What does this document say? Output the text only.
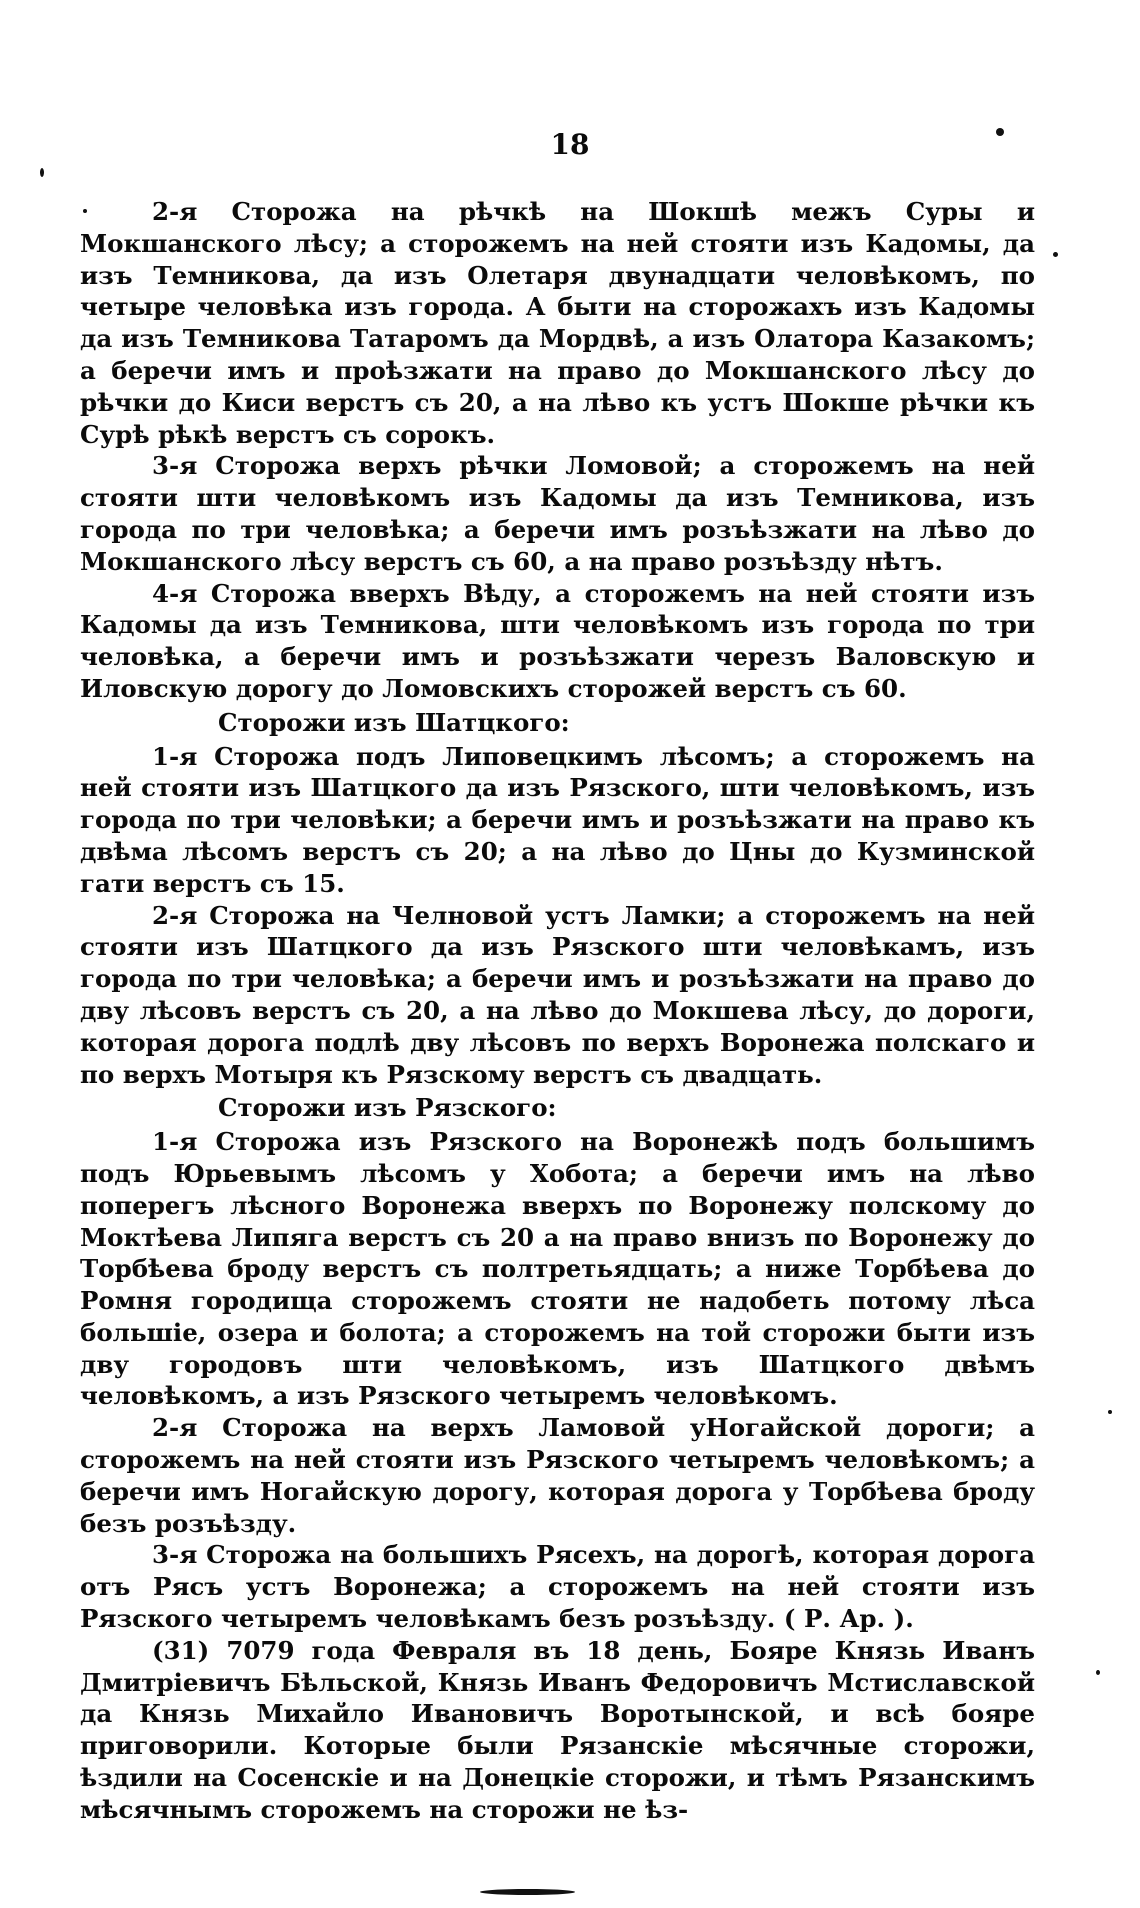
18

2-я Сторожа на рѣчкѣ на Шокшѣ межъ Суры и Мокшанского лѣсу; а сторожемъ на ней стояти изъ Кадомы, да изъ Темникова, да изъ Олетаря двунадцати человѣкомъ, по четыре человѣка изъ города. А быти на сторожахъ изъ Кадомы да изъ Темникова Татаромъ да Мордвѣ, а изъ Олатора Казакомъ; а беречи имъ и проѣзжати на право до Мокшанского лѣсу до рѣчки до Киси верстъ съ 20, а на лѣво къ устъ Шокше рѣчки къ Сурѣ рѣкѣ верстъ съ сорокъ.

3-я Сторожа верхъ рѣчки Ломовой; а сторожемъ на ней стояти шти человѣкомъ изъ Кадомы да изъ Темникова, изъ города по три человѣка; а беречи имъ розъѣзжати на лѣво до Мокшанского лѣсу верстъ съ 60, а на право розъѣзду нѣтъ.

4-я Сторожа вверхъ Вѣду, а сторожемъ на ней стояти изъ Кадомы да изъ Темникова, шти человѣкомъ изъ города по три человѣка, а беречи имъ и розъѣзжати черезъ Валовскую и Иловскую дорогу до Ломовскихъ сторожей верстъ съ 60.

Сторожи изъ Шатцкого:

1-я Сторожа подъ Липовецкимъ лѣсомъ; а сторожемъ на ней стояти изъ Шатцкого да изъ Рязского, шти человѣкомъ, изъ города по три человѣки; а беречи имъ и розъѣзжати на право къ двѣма лѣсомъ верстъ съ 20; а на лѣво до Цны до Кузминской гати верстъ съ 15.

2-я Сторожа на Челновой устъ Ламки; а сторожемъ на ней стояти изъ Шатцкого да изъ Рязского шти человѣкамъ, изъ города по три человѣка; а беречи имъ и розъѣзжати на право до дву лѣсовъ верстъ съ 20, а на лѣво до Мокшева лѣсу, до дороги, которая дорога подлѣ дву лѣсовъ по верхъ Воронежа полскаго и по верхъ Мотыря къ Рязскому верстъ съ двадцать.

Сторожи изъ Рязского:

1-я Сторожа изъ Рязского на Воронежѣ подъ большимъ подъ Юрьевымъ лѣсомъ у Хобота; а беречи имъ на лѣво поперегъ лѣсного Воронежа вверхъ по Воронежу полскому до Моктѣева Липяга верстъ съ 20 а на право внизъ по Воронежу до Торбѣева броду верстъ съ полтретьядцать; а ниже Торбѣева до Ромня городища сторожемъ стояти не надобеть потому лѣса большіе, озера и болота; а сторожемъ на той сторожи быти изъ дву городовъ шти человѣкомъ, изъ Шатцкого двѣмъ человѣкомъ, а изъ Рязского четыремъ человѣкомъ.

2-я Сторожа на верхъ Ламовой уНогайской дороги; а сторожемъ на ней стояти изъ Рязского четыремъ человѣкомъ; а беречи имъ Ногайскую дорогу, которая дорога у Торбѣева броду безъ розъѣзду.

3-я Сторожа на большихъ Рясехъ, на дорогѣ, которая дорога отъ Рясъ устъ Воронежа; а сторожемъ на ней стояти изъ Рязского четыремъ человѣкамъ безъ розъѣзду. ( Р. Ар. ).

(31) 7079 года Февраля въ 18 день, Бояре Князь Иванъ Дмитріевичъ Бѣльской, Князь Иванъ Федоровичъ Мстиславской да Князь Михайло Ивановичъ Воротынской, и всѣ бояре приговорили. Которые были Рязанскіе мѣсячные сторожи, ѣздили на Сосенскіе и на Донецкіе сторожи, и тѣмъ Рязанскимъ мѣсячнымъ сторожемъ на сторожи не ѣз-
